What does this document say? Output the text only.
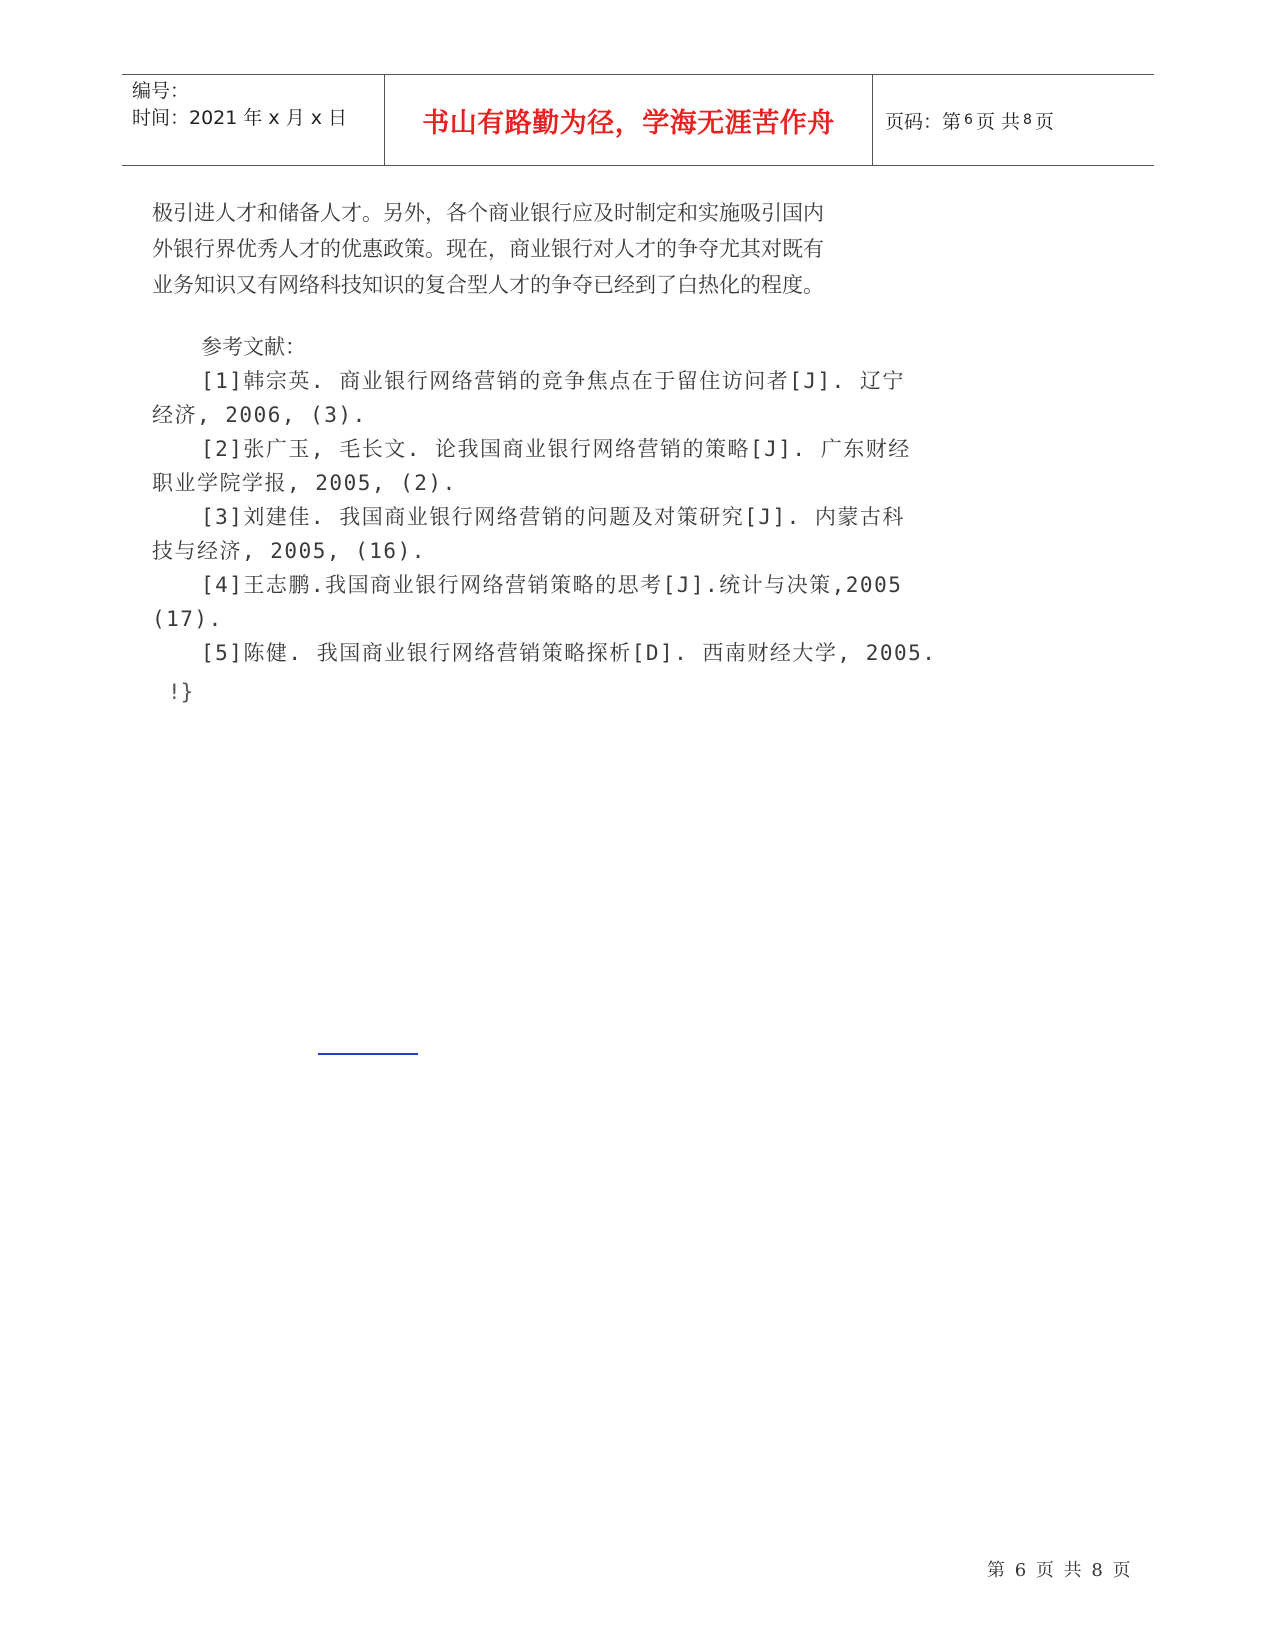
编号：
时间：2021 年 x 月 x 日	书山有路勤为径，学海无涯苦作舟	页码：第 6 页 共 8 页

极引进人才和储备人才。另外，各个商业银行应及时制定和实施吸引国内

外银行界优秀人才的优惠政策。现在，商业银行对人才的争夺尤其对既有

业务知识又有网络科技知识的复合型人才的争夺已经到了白热化的程度。

参考文献：

[1]韩宗英. 商业银行网络营销的竞争焦点在于留住访问者[J]. 辽宁

经济, 2006, (3).

[2]张广玉, 毛长文. 论我国商业银行网络营销的策略[J]. 广东财经

职业学院学报, 2005, (2).

[3]刘建佳. 我国商业银行网络营销的问题及对策研究[J]. 内蒙古科

技与经济, 2005, (16).

[4]王志鹏.我国商业银行网络营销策略的思考[J].统计与决策,2005

(17).

[5]陈健. 我国商业银行网络营销策略探析[D]. 西南财经大学, 2005.

!}
第 6 页 共 8 页
